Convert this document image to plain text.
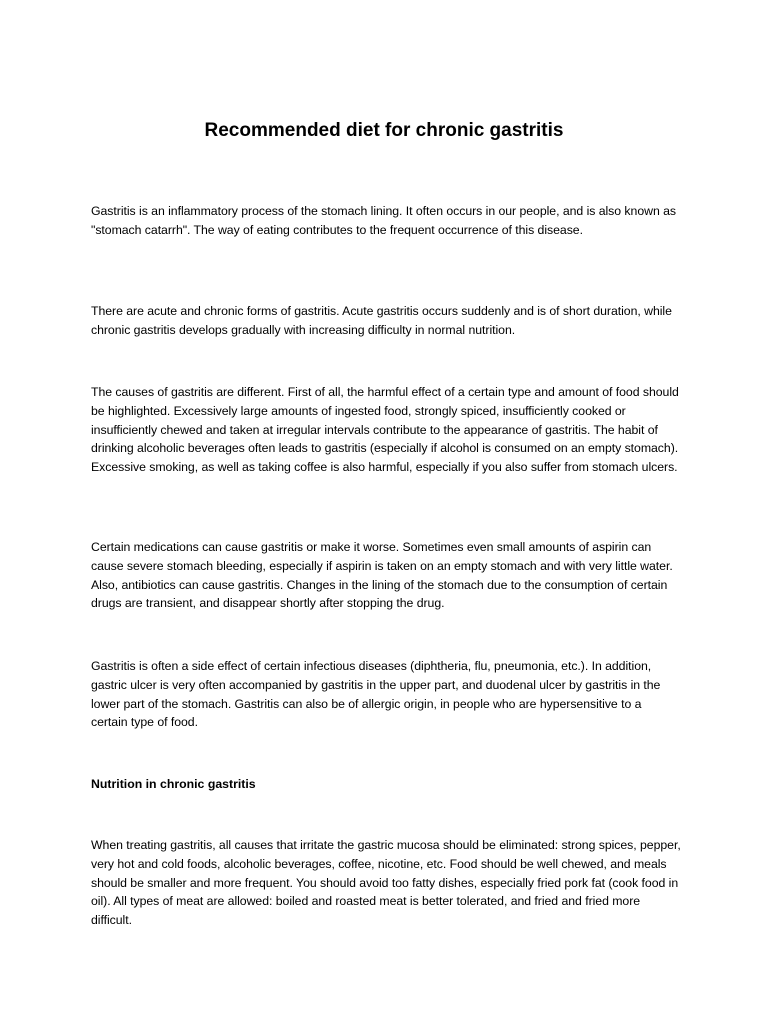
Recommended diet for chronic gastritis

Gastritis is an inflammatory process of the stomach lining. It often occurs in our people, and is also known as "stomach catarrh". The way of eating contributes to the frequent occurrence of this disease.

There are acute and chronic forms of gastritis. Acute gastritis occurs suddenly and is of short duration, while chronic gastritis develops gradually with increasing difficulty in normal nutrition.

The causes of gastritis are different. First of all, the harmful effect of a certain type and amount of food should be highlighted. Excessively large amounts of ingested food, strongly spiced, insufficiently cooked or insufficiently chewed and taken at irregular intervals contribute to the appearance of gastritis. The habit of drinking alcoholic beverages often leads to gastritis (especially if alcohol is consumed on an empty stomach). Excessive smoking, as well as taking coffee is also harmful, especially if you also suffer from stomach ulcers.

Certain medications can cause gastritis or make it worse. Sometimes even small amounts of aspirin can cause severe stomach bleeding, especially if aspirin is taken on an empty stomach and with very little water. Also, antibiotics can cause gastritis. Changes in the lining of the stomach due to the consumption of certain drugs are transient, and disappear shortly after stopping the drug.

Gastritis is often a side effect of certain infectious diseases (diphtheria, flu, pneumonia, etc.). In addition, gastric ulcer is very often accompanied by gastritis in the upper part, and duodenal ulcer by gastritis in the lower part of the stomach. Gastritis can also be of allergic origin, in people who are hypersensitive to a certain type of food.

Nutrition in chronic gastritis

When treating gastritis, all causes that irritate the gastric mucosa should be eliminated: strong spices, pepper, very hot and cold foods, alcoholic beverages, coffee, nicotine, etc. Food should be well chewed, and meals should be smaller and more frequent. You should avoid too fatty dishes, especially fried pork fat (cook food in oil). All types of meat are allowed: boiled and roasted meat is better tolerated, and fried and fried more difficult.
